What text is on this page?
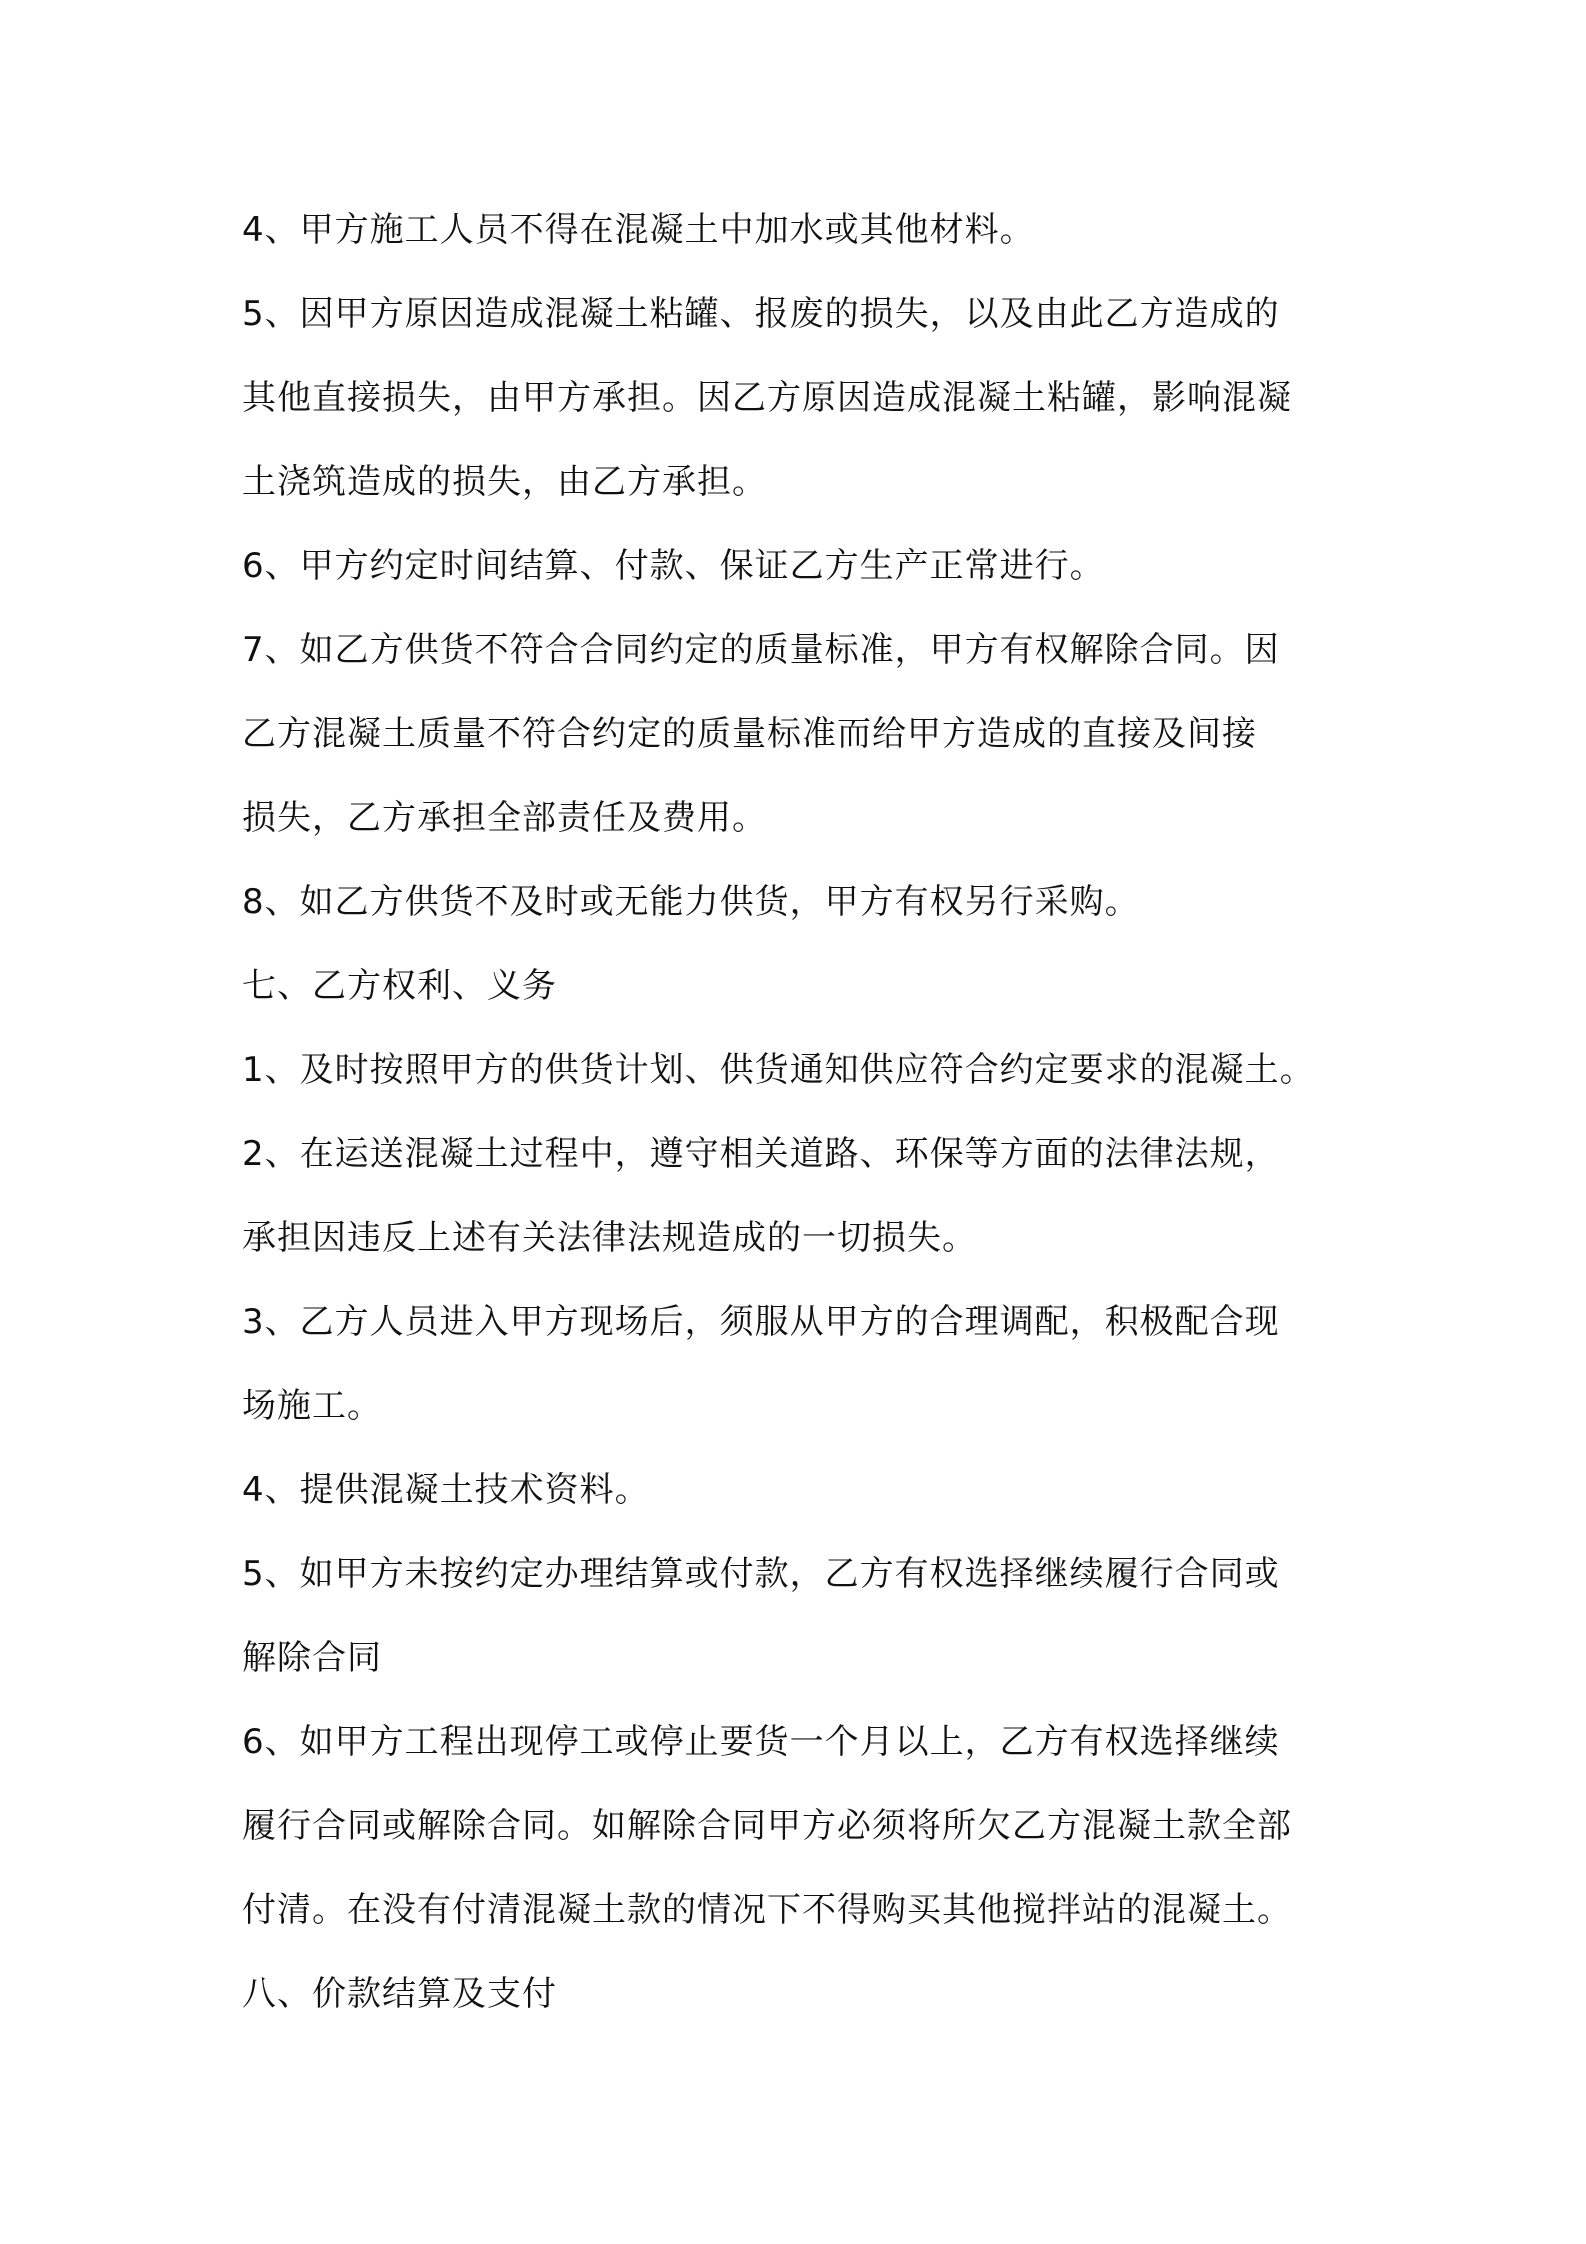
4、甲方施工人员不得在混凝土中加水或其他材料。
5、因甲方原因造成混凝土粘罐、报废的损失，以及由此乙方造成的
其他直接损失，由甲方承担。因乙方原因造成混凝土粘罐，影响混凝
土浇筑造成的损失，由乙方承担。
6、甲方约定时间结算、付款、保证乙方生产正常进行。
7、如乙方供货不符合合同约定的质量标准，甲方有权解除合同。因
乙方混凝土质量不符合约定的质量标准而给甲方造成的直接及间接
损失，乙方承担全部责任及费用。
8、如乙方供货不及时或无能力供货，甲方有权另行采购。
七、乙方权利、义务
1、及时按照甲方的供货计划、供货通知供应符合约定要求的混凝土。
2、在运送混凝土过程中，遵守相关道路、环保等方面的法律法规，
承担因违反上述有关法律法规造成的一切损失。
3、乙方人员进入甲方现场后，须服从甲方的合理调配，积极配合现
场施工。
4、提供混凝土技术资料。
5、如甲方未按约定办理结算或付款，乙方有权选择继续履行合同或
解除合同
6、如甲方工程出现停工或停止要货一个月以上，乙方有权选择继续
履行合同或解除合同。如解除合同甲方必须将所欠乙方混凝土款全部
付清。在没有付清混凝土款的情况下不得购买其他搅拌站的混凝土。
八、价款结算及支付
